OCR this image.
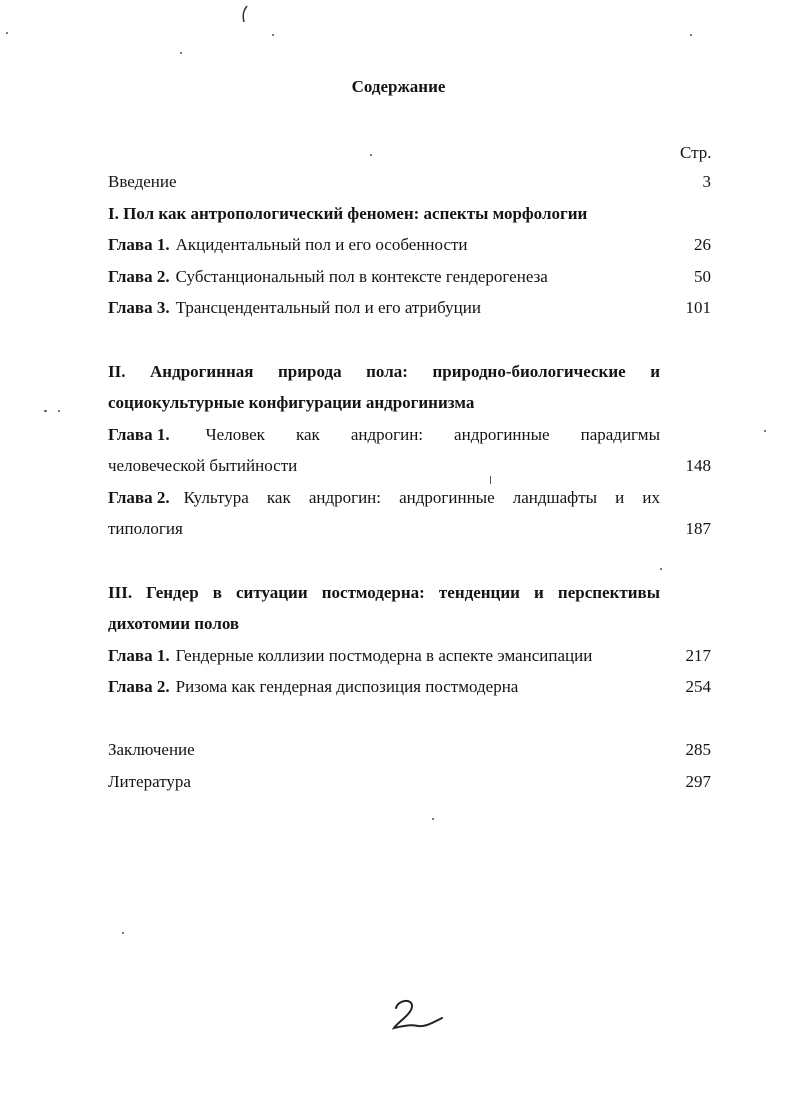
Содержание
Стр.
Введение	3
I. Пол как антропологический феномен: аспекты морфологии
Глава 1. Акцидентальный пол и его особенности	26
Глава 2. Субстанциональный пол в контексте гендерогенеза	50
Глава 3. Трансцендентальный пол и его атрибуции	101
II. Андрогинная природа пола: природно-биологические и
социокультурные конфигурации андрогинизма
Глава 1. Человек как андрогин: андрогинные парадигмы
человеческой бытийности	148
Глава 2. Культура как андрогин: андрогинные ландшафты и их
типология	187
III. Гендер в ситуации постмодерна: тенденции и перспективы
дихотомии полов
Глава 1. Гендерные коллизии постмодерна в аспекте эмансипации	217
Глава 2. Ризома как гендерная диспозиция постмодерна	254
Заключение	285
Литература	297
